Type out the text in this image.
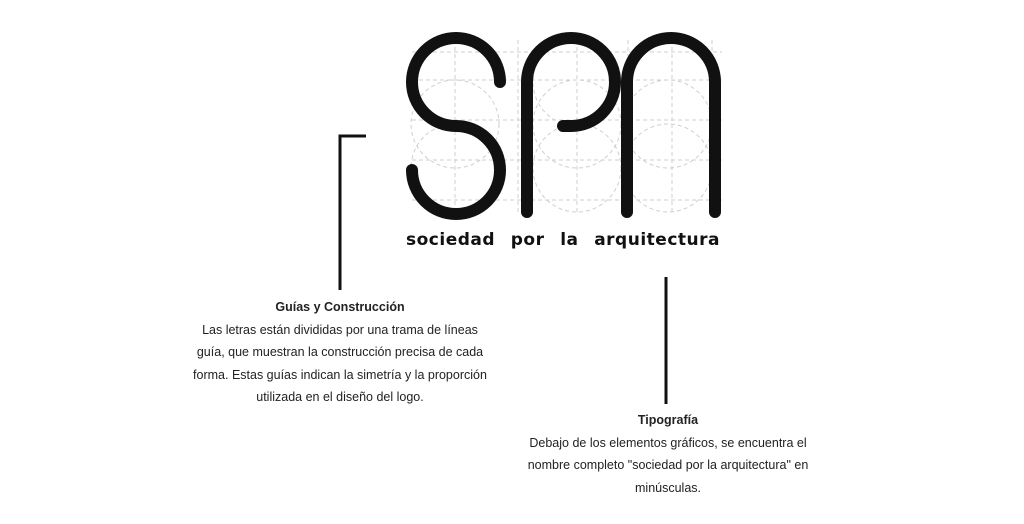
sociedad por la arquitectura
Guías y Construcción
Las letras están divididas por una trama de líneas
guía, que muestran la construcción precisa de cada
forma. Estas guías indican la simetría y la proporción
utilizada en el diseño del logo.
Tipografía
Debajo de los elementos gráficos, se encuentra el
nombre completo "sociedad por la arquitectura" en
minúsculas.
